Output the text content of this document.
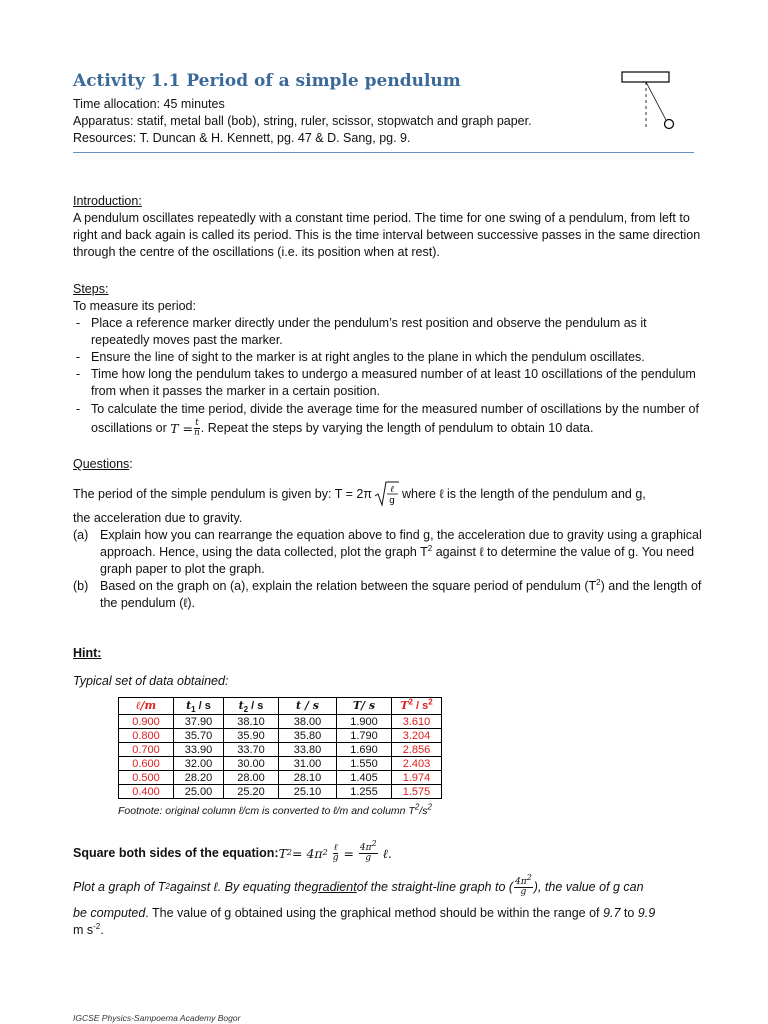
Activity 1.1 Period of a simple pendulum
Time allocation: 45 minutes
Apparatus: statif, metal ball (bob), string, ruler, scissor, stopwatch and graph paper.
Resources: T. Duncan & H. Kennett, pg. 47 & D. Sang, pg. 9.
Introduction:
A pendulum oscillates repeatedly with a constant time period. The time for one swing of a pendulum, from left to right and back again is called its period. This is the time interval between successive passes in the same direction through the centre of the oscillations (i.e. its position when at rest).
Steps:
To measure its period:
- Place a reference marker directly under the pendulum’s rest position and observe the pendulum as it repeatedly moves past the marker.
- Ensure the line of sight to the marker is at right angles to the plane in which the pendulum oscillates.
- Time how long the pendulum takes to undergo a measured number of at least 10 oscillations of the pendulum from when it passes the marker in a certain position.
- To calculate the time period, divide the average time for the measured number of oscillations by the number of oscillations or $T = \frac{t}{n}$ . Repeat the steps by varying the length of pendulum to obtain 10 data.
Questions:
The period of the simple pendulum is given by: T = 2π ℓ
g
where ℓ is the length of the pendulum and g,
the acceleration due to gravity.
(a) Explain how you can rearrange the equation above to find g, the acceleration due to gravity using a graphical approach. Hence, using the data collected, plot the graph $T^2$ against ℓ to determine the value of g. You need graph paper to plot the graph.
(b) Based on the graph on (a), explain the relation between the square period of pendulum $(T^2)$ and the length of the pendulum (ℓ).
Hint:
Typical set of data obtained:
ℓ/m	$t_1$ / s	$t_2$ / s	t / s	T/ s	$T^2 / s^2$
0.900	37.90	38.10	38.00	1.900	3.610
0.800	35.70	35.90	35.80	1.790	3.204
0.700	33.90	33.70	33.80	1.690	2.856
0.600	32.00	30.00	31.00	1.550	2.403
0.500	28.20	28.00	28.10	1.405	1.974
0.400	25.00	25.20	25.10	1.255	1.575
Footnote: original column ℓ/cm is converted to ℓ/m and column $T^2/s^2$
Square both sides of the equation: T 2 = 4π 2
$\frac{\text{ℓ}}{g} = \frac{4\pi^2}{g}$ ℓ.
Plot a graph of T 2 against ℓ. By equating the gradient of the straight-line graph to ( $\frac{4\pi^2}{g}$ ), the value of g can
be computed. The value of g obtained using the graphical method should be within the range of 9.7 to 9.9
m $s^{-2}$.
IGCSE Physics-Sampoerna Academy Bogor
